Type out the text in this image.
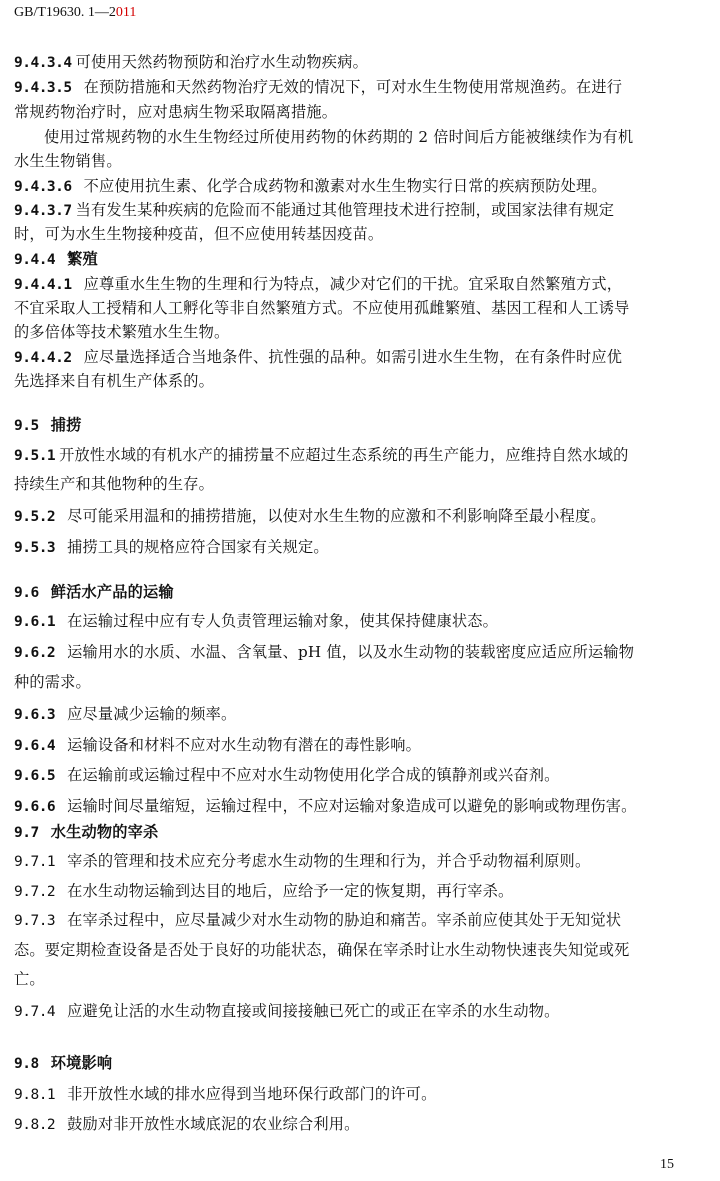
GB/T19630. 1—2011
9.4.3.4 可使用天然药物预防和治疗水生动物疾病。
9.4.3.5 在预防措施和天然药物治疗无效的情况下，可对水生生物使用常规渔药。在进行
常规药物治疗时，应对患病生物采取隔离措施。
使用过常规药物的水生生物经过所使用药物的休药期的 2 倍时间后方能被继续作为有机
水生生物销售。
9.4.3.6 不应使用抗生素、化学合成药物和激素对水生生物实行日常的疾病预防处理。
9.4.3.7 当有发生某种疾病的危险而不能通过其他管理技术进行控制，或国家法律有规定
时，可为水生生物接种疫苗，但不应使用转基因疫苗。
9.4.4 繁殖
9.4.4.1 应尊重水生生物的生理和行为特点，减少对它们的干扰。宜采取自然繁殖方式，
不宜采取人工授精和人工孵化等非自然繁殖方式。不应使用孤雌繁殖、基因工程和人工诱导
的多倍体等技术繁殖水生生物。
9.4.4.2 应尽量选择适合当地条件、抗性强的品种。如需引进水生生物，在有条件时应优
先选择来自有机生产体系的。
9.5 捕捞
9.5.1 开放性水域的有机水产的捕捞量不应超过生态系统的再生产能力，应维持自然水域的
持续生产和其他物种的生存。
9.5.2 尽可能采用温和的捕捞措施，以使对水生生物的应激和不利影响降至最小程度。
9.5.3 捕捞工具的规格应符合国家有关规定。
9.6 鲜活水产品的运输
9.6.1 在运输过程中应有专人负责管理运输对象，使其保持健康状态。
9.6.2 运输用水的水质、水温、含氧量、pH 值，以及水生动物的装载密度应适应所运输物
种的需求。
9.6.3 应尽量减少运输的频率。
9.6.4 运输设备和材料不应对水生动物有潜在的毒性影响。
9.6.5 在运输前或运输过程中不应对水生动物使用化学合成的镇静剂或兴奋剂。
9.6.6 运输时间尽量缩短，运输过程中，不应对运输对象造成可以避免的影响或物理伤害。
9.7 水生动物的宰杀
9.7.1 宰杀的管理和技术应充分考虑水生动物的生理和行为，并合乎动物福利原则。
9.7.2 在水生动物运输到达目的地后，应给予一定的恢复期，再行宰杀。
9.7.3 在宰杀过程中，应尽量减少对水生动物的胁迫和痛苦。宰杀前应使其处于无知觉状
态。要定期检查设备是否处于良好的功能状态，确保在宰杀时让水生动物快速丧失知觉或死
亡。
9.7.4 应避免让活的水生动物直接或间接接触已死亡的或正在宰杀的水生动物。
9.8 环境影响
9.8.1 非开放性水域的排水应得到当地环保行政部门的许可。
9.8.2 鼓励对非开放性水域底泥的农业综合利用。
15
